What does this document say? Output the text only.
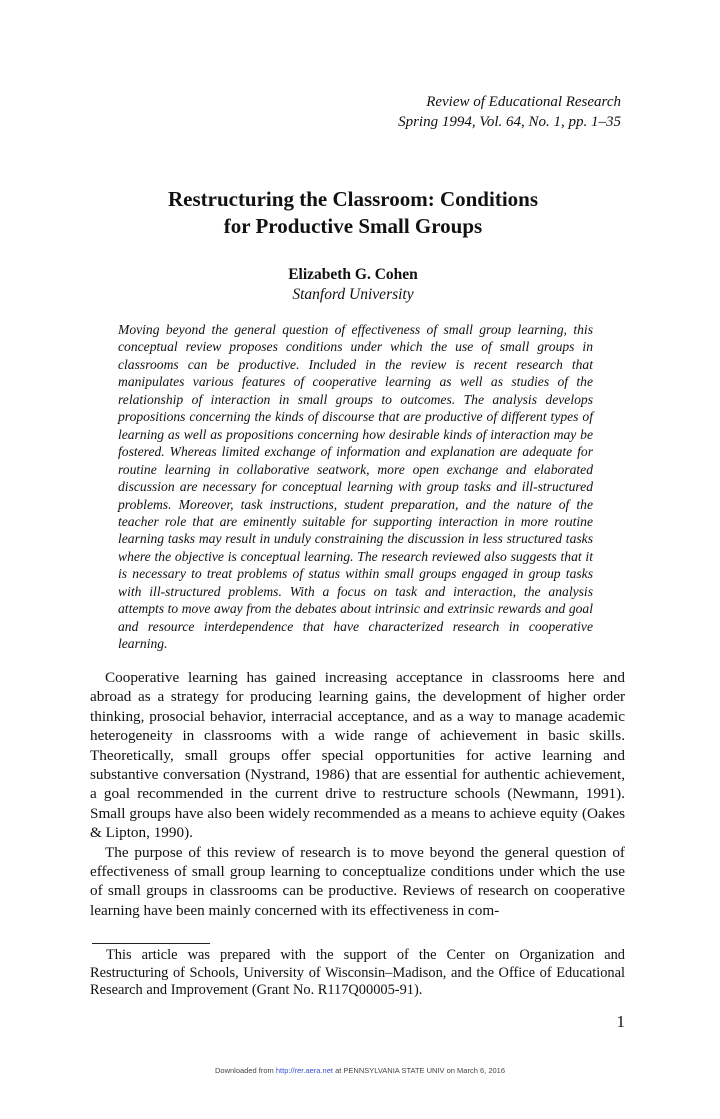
Review of Educational Research
Spring 1994, Vol. 64, No. 1, pp. 1–35
Restructuring the Classroom: Conditions
for Productive Small Groups
Elizabeth G. Cohen
Stanford University
Moving beyond the general question of effectiveness of small group learning, this conceptual review proposes conditions under which the use of small groups in classrooms can be productive. Included in the review is recent research that manipulates various features of cooperative learning as well as studies of the relationship of interaction in small groups to outcomes. The analysis develops propositions concerning the kinds of discourse that are productive of different types of learning as well as propositions concerning how desirable kinds of interaction may be fostered. Whereas limited exchange of information and explanation are adequate for routine learning in collaborative seatwork, more open exchange and elaborated discussion are necessary for conceptual learning with group tasks and ill-structured problems. Moreover, task instructions, student preparation, and the nature of the teacher role that are eminently suitable for supporting interaction in more routine learning tasks may result in unduly constraining the discussion in less structured tasks where the objective is conceptual learning. The research reviewed also suggests that it is necessary to treat problems of status within small groups engaged in group tasks with ill-structured problems. With a focus on task and interaction, the analysis attempts to move away from the debates about intrinsic and extrinsic rewards and goal and resource interdependence that have characterized research in cooperative learning.

Cooperative learning has gained increasing acceptance in classrooms here and abroad as a strategy for producing learning gains, the development of higher order thinking, prosocial behavior, interracial acceptance, and as a way to manage academic heterogeneity in classrooms with a wide range of achievement in basic skills. Theoretically, small groups offer special opportunities for active learning and substantive conversation (Nystrand, 1986) that are essential for authentic achievement, a goal recommended in the current drive to restructure schools (Newmann, 1991). Small groups have also been widely recommended as a means to achieve equity (Oakes & Lipton, 1990).

The purpose of this review of research is to move beyond the general question of effectiveness of small group learning to conceptualize conditions under which the use of small groups in classrooms can be productive. Reviews of research on cooperative learning have been mainly concerned with its effectiveness in com-

This article was prepared with the support of the Center on Organization and Restructuring of Schools, University of Wisconsin–Madison, and the Office of Educational Research and Improvement (Grant No. R117Q00005-91).

1
Downloaded from http://rer.aera.net at PENNSYLVANIA STATE UNIV on March 6, 2016
